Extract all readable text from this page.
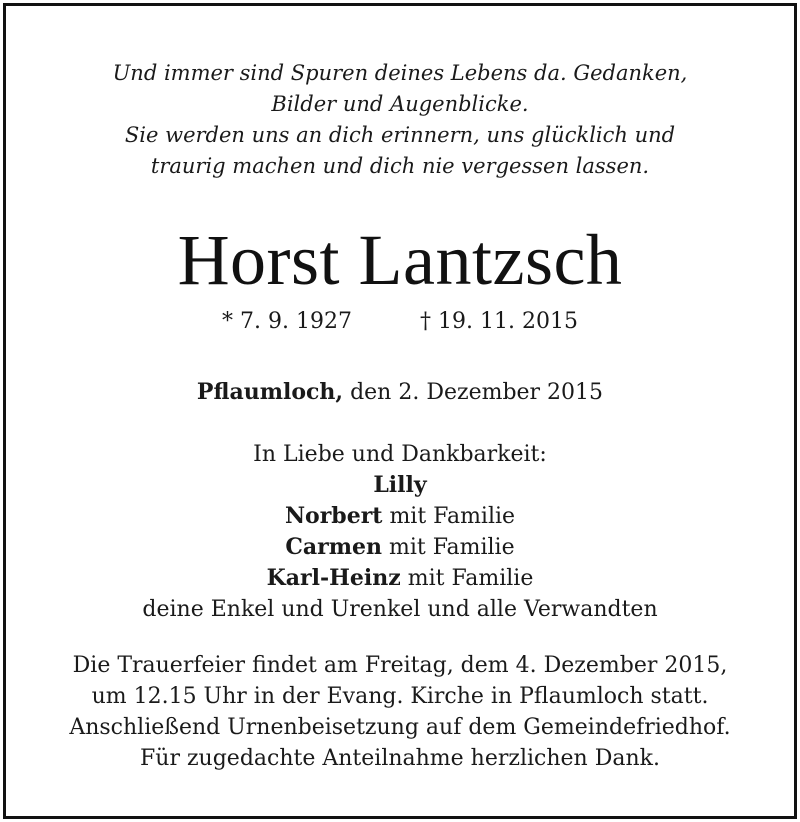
Und immer sind Spuren deines Lebens da. Gedanken,
Bilder und Augenblicke.
Sie werden uns an dich erinnern, uns glücklich und
traurig machen und dich nie vergessen lassen.
Horst Lantzsch
* 7. 9. 1927	† 19. 11. 2015
Pflaumloch, den 2. Dezember 2015
In Liebe und Dankbarkeit:
Lilly
Norbert mit Familie
Carmen mit Familie
Karl-Heinz mit Familie
deine Enkel und Urenkel und alle Verwandten
Die Trauerfeier findet am Freitag, dem 4. Dezember 2015,
um 12.15 Uhr in der Evang. Kirche in Pflaumloch statt.
Anschließend Urnenbeisetzung auf dem Gemeindefriedhof.
Für zugedachte Anteilnahme herzlichen Dank.
